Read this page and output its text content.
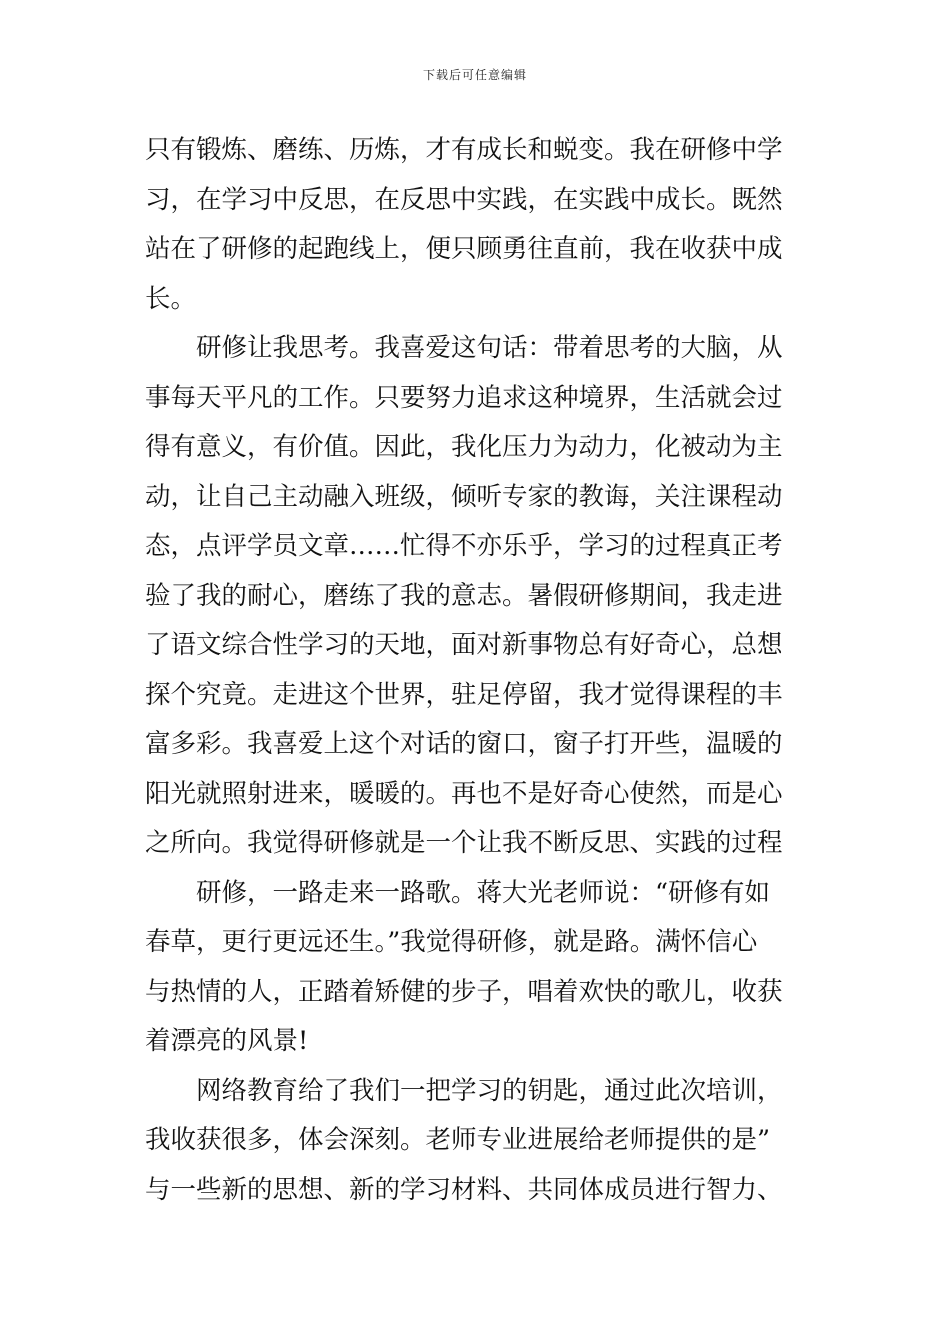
下载后可任意编辑
只有锻炼、磨练、历炼，才有成长和蜕变。我在研修中学
习，在学习中反思，在反思中实践，在实践中成长。既然
站在了研修的起跑线上，便只顾勇往直前，我在收获中成
长。
研修让我思考。我喜爱这句话：带着思考的大脑，从
事每天平凡的工作。只要努力追求这种境界，生活就会过
得有意义，有价值。因此，我化压力为动力，化被动为主
动，让自己主动融入班级，倾听专家的教诲，关注课程动
态，点评学员文章……忙得不亦乐乎，学习的过程真正考
验了我的耐心，磨练了我的意志。暑假研修期间，我走进
了语文综合性学习的天地，面对新事物总有好奇心，总想
探个究竟。走进这个世界，驻足停留，我才觉得课程的丰
富多彩。我喜爱上这个对话的窗口，窗子打开些，温暖的
阳光就照射进来，暖暖的。再也不是好奇心使然，而是心
之所向。我觉得研修就是一个让我不断反思、实践的过程
研修，一路走来一路歌。蒋大光老师说：“研修有如
春草，更行更远还生。”我觉得研修，就是路。满怀信心
与热情的人，正踏着矫健的步子，唱着欢快的歌儿，收获
着漂亮的风景!
网络教育给了我们一把学习的钥匙，通过此次培训，
我收获很多，体会深刻。老师专业进展给老师提供的是”
与一些新的思想、新的学习材料、共同体成员进行智力、
